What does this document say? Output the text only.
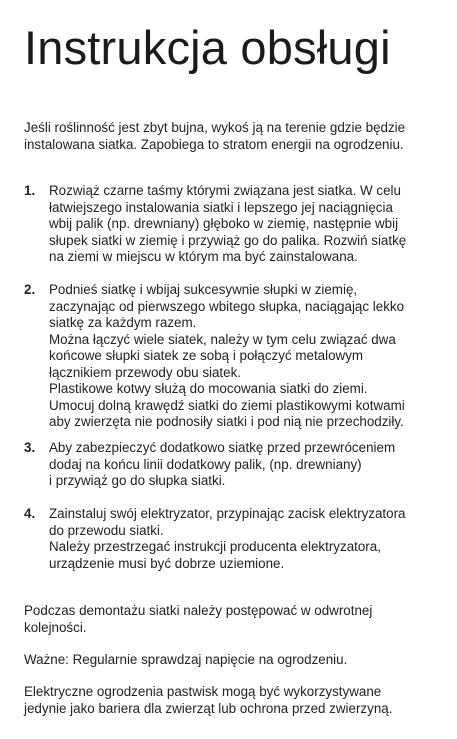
Instrukcja obsługi
Jeśli roślinność jest zbyt bujna, wykoś ją na terenie gdzie będzie
instalowana siatka. Zapobiega to stratom energii na ogrodzeniu.
1.	Rozwiąż czarne taśmy którymi związana jest siatka. W celu
łatwiejszego instalowania siatki i lepszego jej naciągnięcia
wbij palik (np. drewniany) głęboko w ziemię, następnie wbij
słupek siatki w ziemię i przywiąż go do palika. Rozwiń siatkę
na ziemi w miejscu w którym ma być zainstalowana.
2.	Podnieś siatkę i wbijaj sukcesywnie słupki w ziemię,
zaczynając od pierwszego wbitego słupka, naciągając lekko
siatkę za każdym razem.
Można łączyć wiele siatek, należy w tym celu związać dwa
końcowe słupki siatek ze sobą i połączyć metalowym
łącznikiem przewody obu siatek.
Plastikowe kotwy służą do mocowania siatki do ziemi.
Umocuj dolną krawędź siatki do ziemi plastikowymi kotwami
aby zwierzęta nie podnosiły siatki i pod nią nie przechodziły.
3.	Aby zabezpieczyć dodatkowo siatkę przed przewróceniem
dodaj na końcu linii dodatkowy palik, (np. drewniany)
i przywiąż go do słupka siatki.
4.	Zainstaluj swój elektryzator, przypinając zacisk elektryzatora
do przewodu siatki.
Należy przestrzegać instrukcji producenta elektryzatora,
urządzenie musi być dobrze uziemione.
Podczas demontażu siatki należy postępować w odwrotnej
kolejności.
Ważne: Regularnie sprawdzaj napięcie na ogrodzeniu.
Elektryczne ogrodzenia pastwisk mogą być wykorzystywane
jedynie jako bariera dla zwierząt lub ochrona przed zwierzyną.
